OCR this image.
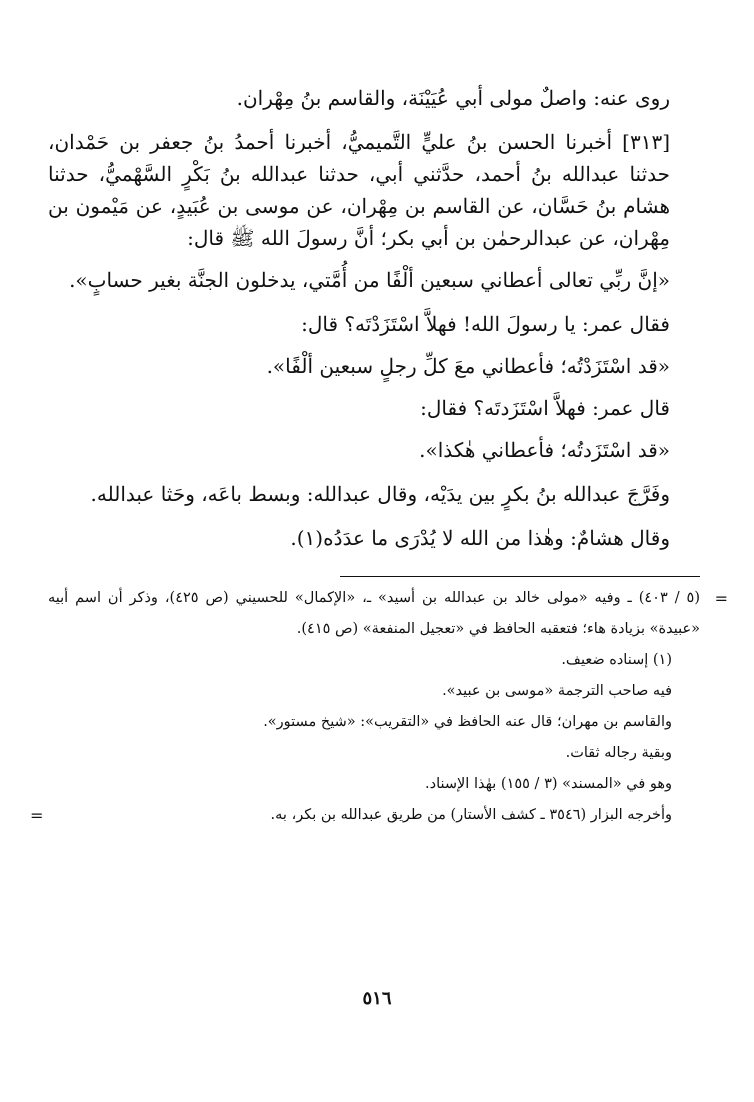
روى عنه: واصلٌ مولى أبي عُيَيْنَة، والقاسم بنُ مِهْران.

[٣١٣] أخبرنا الحسن بنُ عليٍّ التَّميميُّ، أخبرنا أحمدُ بنُ جعفر بن حَمْدان، حدثنا عبدالله بنُ أحمد، حدَّثني أبي، حدثنا عبدالله بنُ بَكْرٍ السَّهْميُّ، حدثنا هشام بنُ حَسَّان، عن القاسم بن مِهْران، عن موسى بن عُبَيدٍ، عن مَيْمون بن مِهْران، عن عبدالرحمٰن بن أبي بكر؛ أنَّ رسولَ الله ﷺ قال:

«إنَّ ربِّي تعالى أعطاني سبعين ألْفًا من أُمَّتي، يدخلون الجنَّة بغير حسابٍ».

فقال عمر: يا رسولَ الله! فهلاَّ اسْتَزَدْتَه؟ قال:

«قد اسْتَزَدْتُه؛ فأعطاني معَ كلِّ رجلٍ سبعين ألْفًا».

قال عمر: فهلاَّ اسْتَزَدتَه؟ فقال:

«قد اسْتَزَدتُه؛ فأعطاني هٰكذا».

وفَرَّجَ عبدالله بنُ بكرٍ بين يدَيْه، وقال عبدالله: وبسط باعَه، وحَثا عبدالله.

وقال هشامٌ: وهٰذا من الله لا يُدْرَى ما عدَدُه(١).

=

(٥ / ٤٠٣) ـ وفيه «مولى خالد بن عبدالله بن أسيد» ـ، «الإكمال» للحسيني (ص ٤٢٥)، وذكر أن اسم أبيه «عبيدة» بزيادة هاء؛ فتعقبه الحافظ في «تعجيل المنفعة» (ص ٤١٥).

(١) إسناده ضعيف.

فيه صاحب الترجمة «موسى بن عبيد».

والقاسم بن مهران؛ قال عنه الحافظ في «التقريب»: «شيخ مستور».

وبقية رجاله ثقات.

وهو في «المسند» (٣ / ١٥٥) بهٰذا الإسناد.

وأخرجه البزار (٣٥٤٦ ـ كشف الأستار) من طريق عبدالله بن بكر، به.
=

٥١٦
